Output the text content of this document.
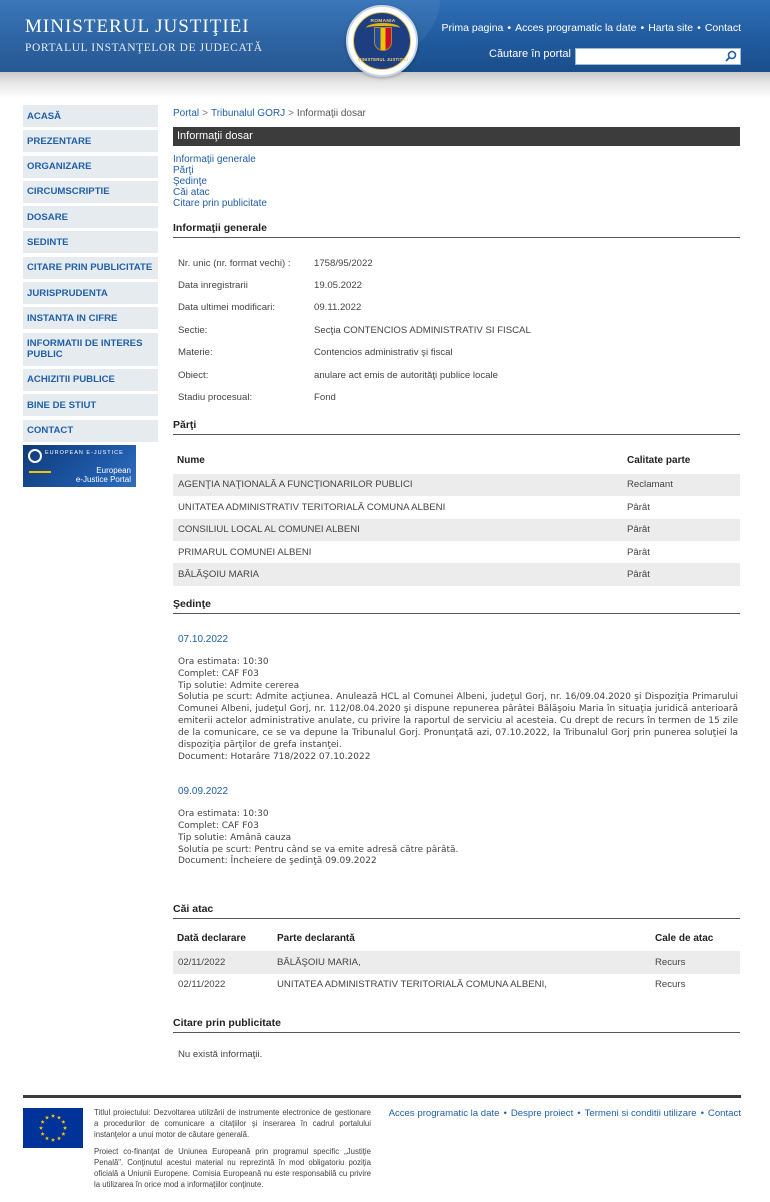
MINISTERUL JUSTIŢIEI
PORTALUL INSTANŢELOR DE JUDECATĂ
Prima pagina • Acces programatic la date • Harta site • Contact
Căutare în portal
ROMANIA
MINISTERUL JUSTIŢIEI
ACASĂ
PREZENTARE
ORGANIZARE
CIRCUMSCRIPTIE
DOSARE
SEDINTE
CITARE PRIN PUBLICITATE
JURISPRUDENTA
INSTANTA IN CIFRE
INFORMATII DE INTERES PUBLIC
ACHIZITII PUBLICE
BINE DE STIUT
CONTACT
EUROPEAN E-JUSTICE
European
e-Justice Portal
Portal > Tribunalul GORJ > Informaţii dosar
Informaţii dosar
Informaţii generale
Părţi
Şedinţe
Căi atac
Citare prin publicitate
Informaţii generale
Nr. unic (nr. format vechi) :	1758/95/2022
Data inregistrarii	19.05.2022
Data ultimei modificari:	09.11.2022
Sectie:	Secţia CONTENCIOS ADMINISTRATIV SI FISCAL
Materie:	Contencios administrativ şi fiscal
Obiect:	anulare act emis de autorităţi publice locale
Stadiu procesual:	Fond
Părţi
Nume	Calitate parte
AGENŢIA NAŢIONALĂ A FUNCŢIONARILOR PUBLICI	Reclamant
UNITATEA ADMINISTRATIV TERITORIALĂ COMUNA ALBENI	Pârât
CONSILIUL LOCAL AL COMUNEI ALBENI	Pârât
PRIMARUL COMUNEI ALBENI	Pârât
BĂLĂŞOIU MARIA	Pârât
Şedinţe
07.10.2022
Ora estimata: 10:30
Complet: CAF F03
Tip solutie: Admite cererea
Solutia pe scurt: Admite acţiunea. Anulează HCL al Comunei Albeni, judeţul Gorj, nr. 16/09.04.2020 şi Dispoziţia Primarului Comunei Albeni, judeţul Gorj, nr. 112/08.04.2020 şi dispune repunerea pârâtei Bălăşoiu Maria în situaţia juridică anterioară emiterii actelor administrative anulate, cu privire la raportul de serviciu al acesteia. Cu drept de recurs în termen de 15 zile de la comunicare, ce se va depune la Tribunalul Gorj. Pronunţată azi, 07.10.2022, la Tribunalul Gorj prin punerea soluţiei la dispoziţia părţilor de grefa instanţei.
Document: Hotarâre 718/2022 07.10.2022
09.09.2022
Ora estimata: 10:30
Complet: CAF F03
Tip solutie: Amână cauza
Solutia pe scurt: Pentru când se va emite adresă către pârâtă.
Document: Încheiere de şedinţă 09.09.2022
Căi atac
Dată declarare	Parte declarantă	Cale de atac
02/11/2022	BĂLĂŞOIU MARIA,	Recurs
02/11/2022	UNITATEA ADMINISTRATIV TERITORIALĂ COMUNA ALBENI,	Recurs
Citare prin publicitate
Nu există informaţii.
Titlul proiectului: Dezvoltarea utilizării de instrumente electronice de gestionare a procedurilor de comunicare a citaţiilor şi inserarea în cadrul portalului instanţelor a unui motor de căutare generală.
Proiect co-finanţat de Uniunea Europeană prin programul specific „Justiţie Penală". Conţinutul acestui material nu reprezintă în mod obligatoriu poziţia oficială a Uniunii Europene. Comisia Europeană nu este responsabilă cu privire la utilizarea în orice mod a informaţiilor conţinute.
Acces programatic la date • Despre proiect • Termeni si conditii utilizare • Contact
